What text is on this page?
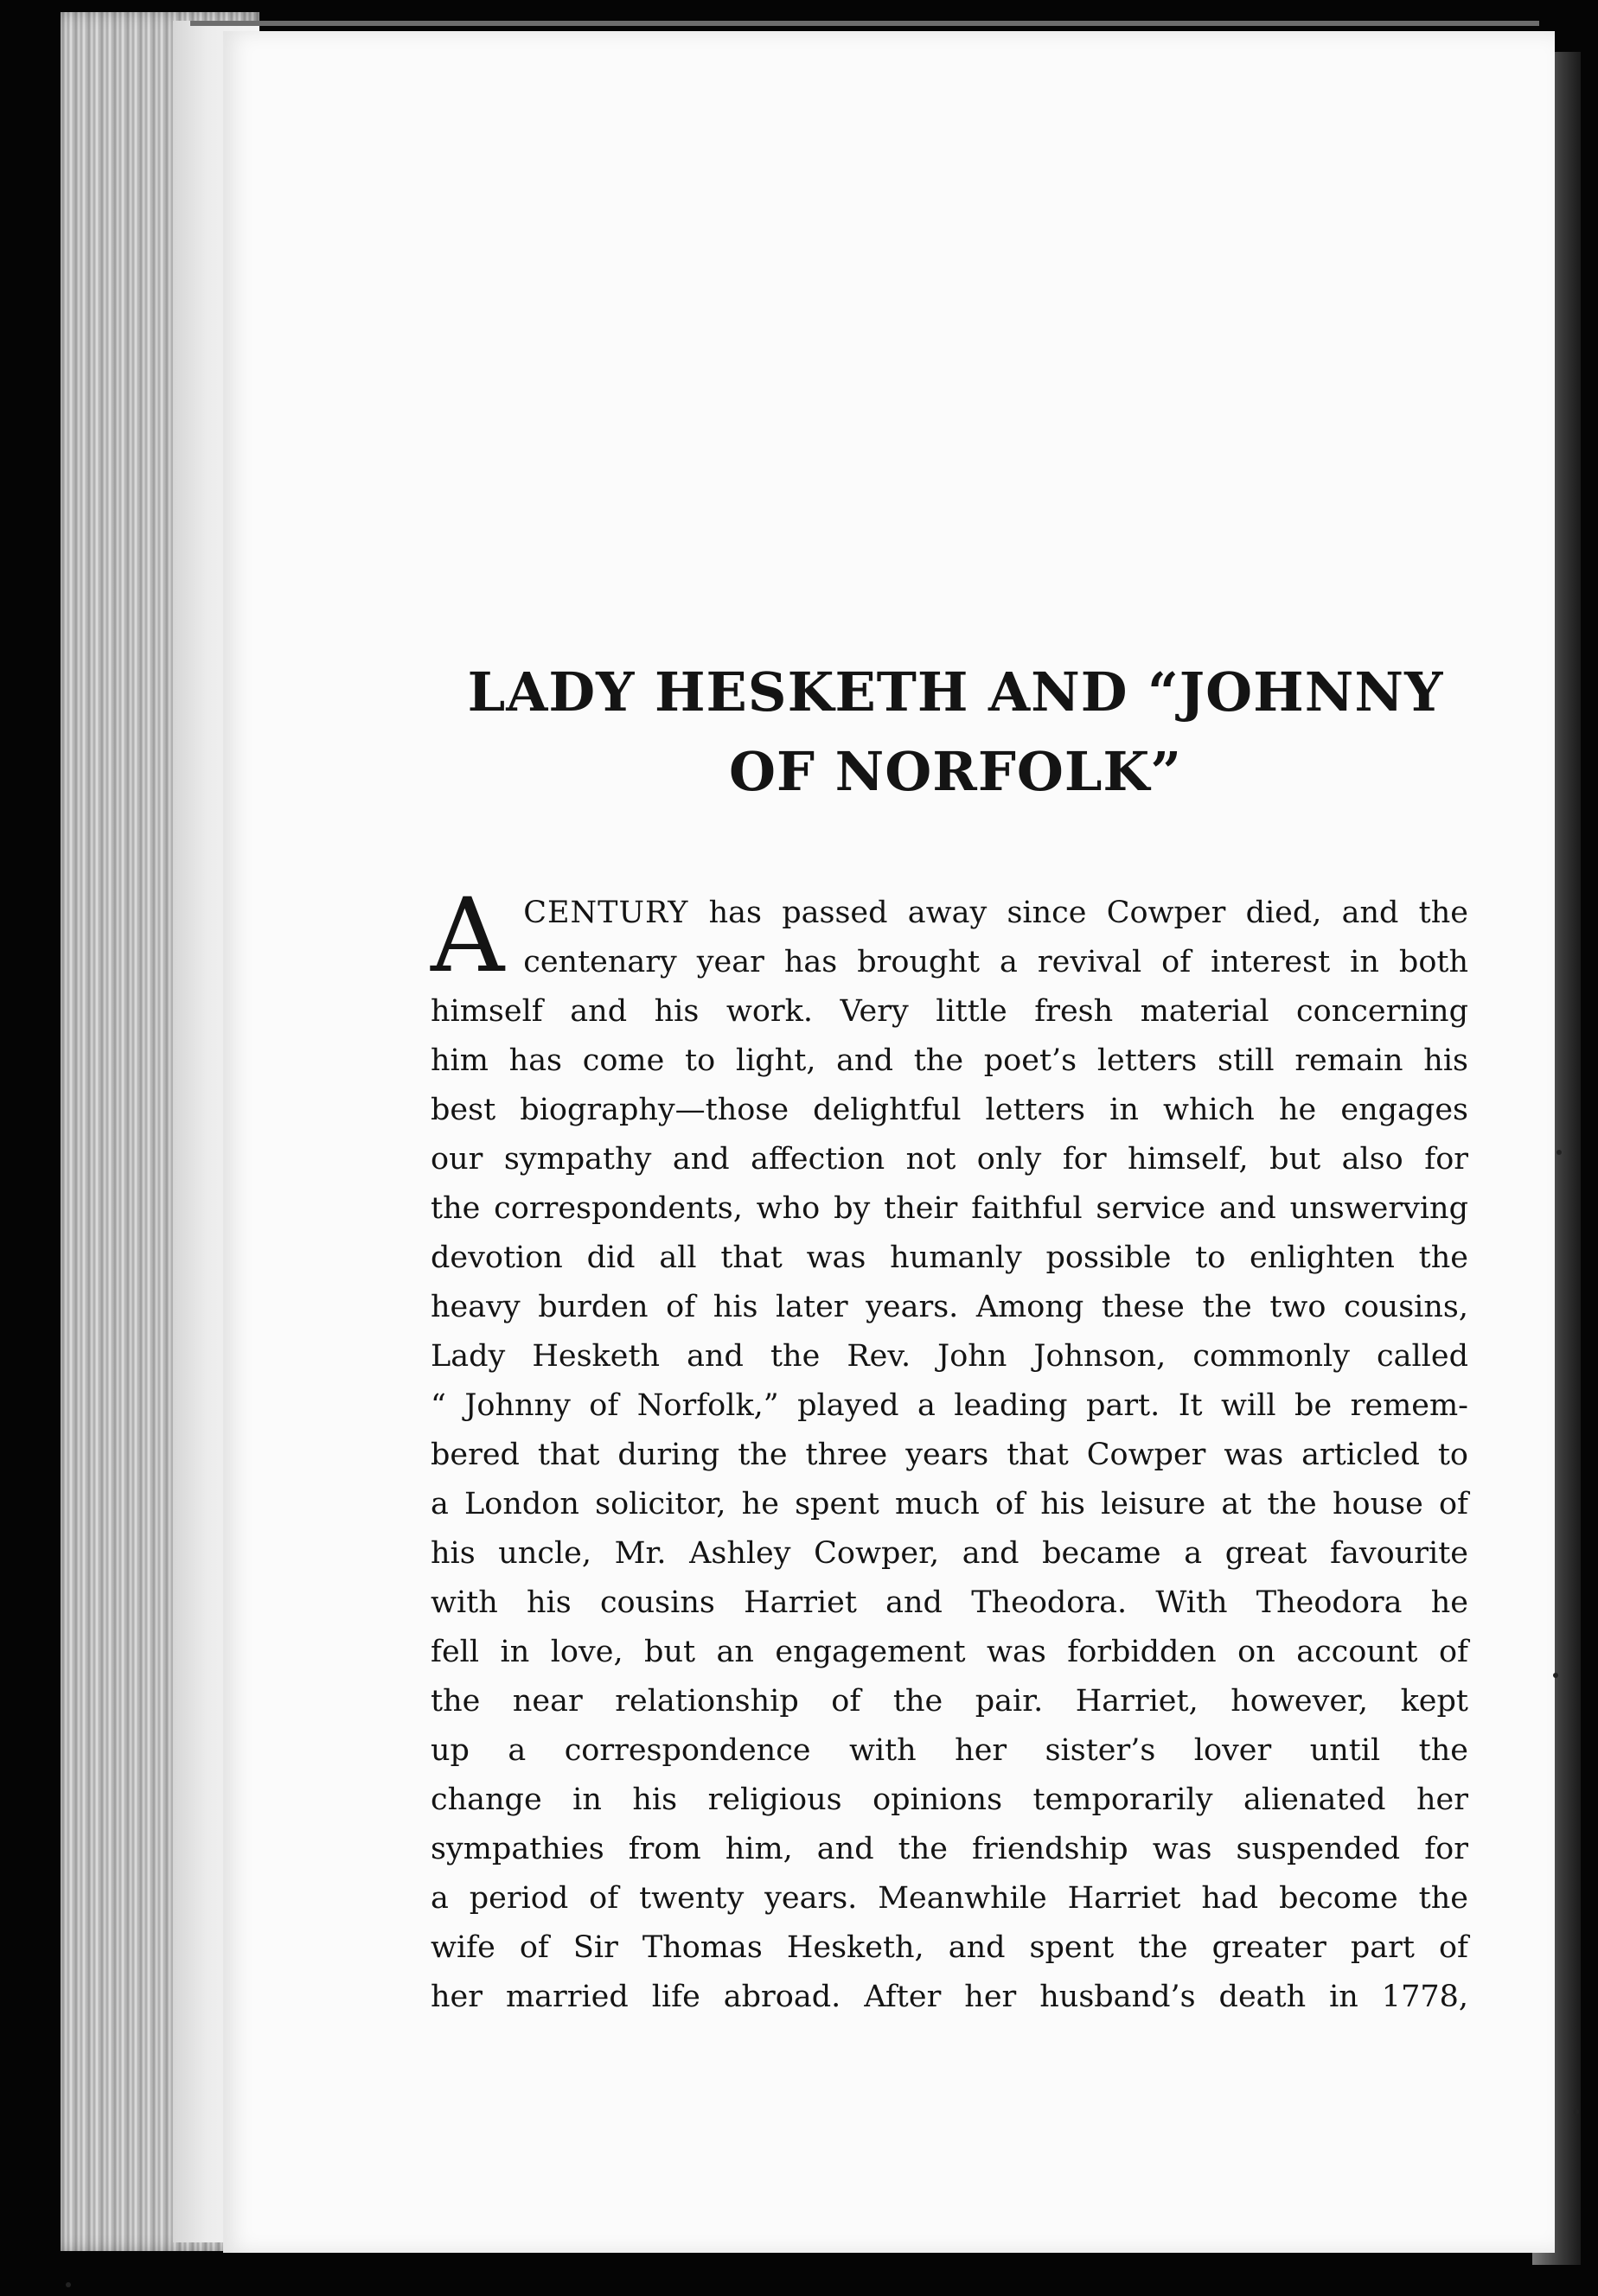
LADY HESKETH AND “JOHNNY
OF NORFOLK”
A CENTURY has passed away since Cowper died, and the
centenary year has brought a revival of interest in both
himself and his work. Very little fresh material concerning
him has come to light, and the poet’s letters still remain his
best biography—those delightful letters in which he engages
our sympathy and affection not only for himself, but also for
the correspondents, who by their faithful service and unswerving
devotion did all that was humanly possible to enlighten the
heavy burden of his later years. Among these the two cousins,
Lady Hesketh and the Rev. John Johnson, commonly called
“ Johnny of Norfolk,” played a leading part. It will be remem-
bered that during the three years that Cowper was articled to
a London solicitor, he spent much of his leisure at the house of
his uncle, Mr. Ashley Cowper, and became a great favourite
with his cousins Harriet and Theodora. With Theodora he
fell in love, but an engagement was forbidden on account of
the near relationship of the pair. Harriet, however, kept
up a correspondence with her sister’s lover until the
change in his religious opinions temporarily alienated her
sympathies from him, and the friendship was suspended for
a period of twenty years. Meanwhile Harriet had become the
wife of Sir Thomas Hesketh, and spent the greater part of
her married life abroad. After her husband’s death in 1778,
